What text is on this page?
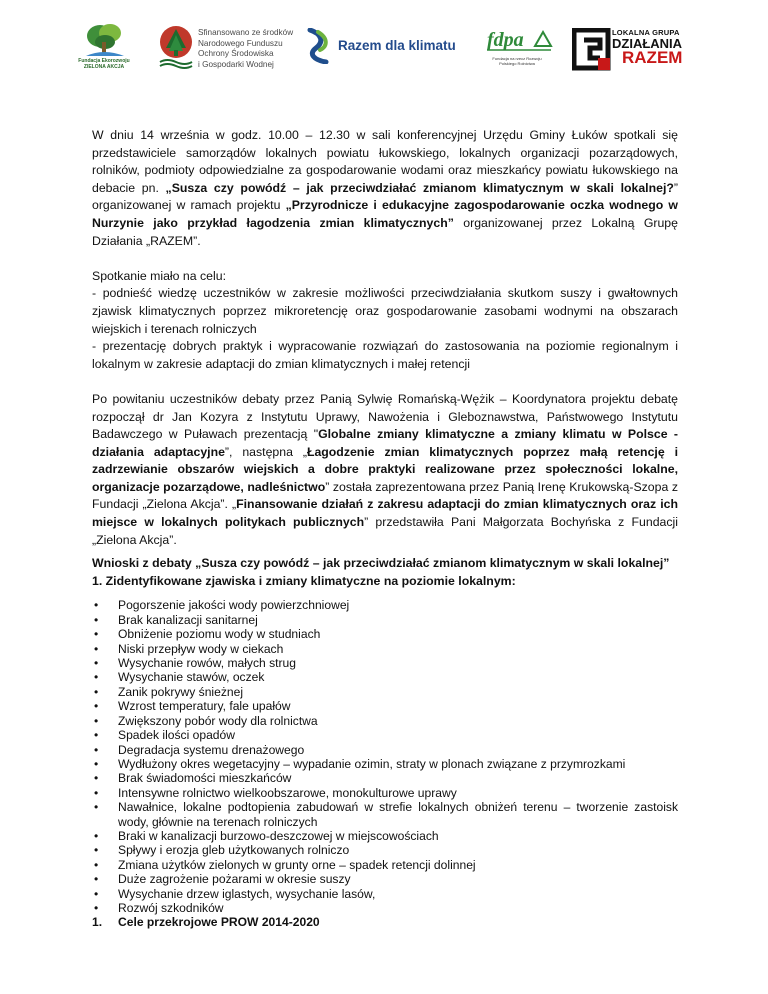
Fundacja Ekorozwoju ZIELONA AKCJA
Sfinansowano ze środków
Narodowego Funduszu
Ochrony Środowiska
i Gospodarki Wodnej
Razem dla klimatu fdpa
Fundacja na rzecz Rozwoju Polskiego Rolnictwa
LOKALNA GRUPA
DZIAŁANIA
RAZEM

W dniu 14 września w godz. 10.00 – 12.30 w sali konferencyjnej Urzędu Gminy Łuków spotkali się przedstawiciele samorządów lokalnych powiatu łukowskiego, lokalnych organizacji pozarządowych, rolników, podmioty odpowiedzialne za gospodarowanie wodami oraz mieszkańcy powiatu łukowskiego na debacie pn. „Susza czy powódź – jak przeciwdziałać zmianom klimatycznym w skali lokalnej?” organizowanej w ramach projektu „Przyrodnicze i edukacyjne zagospodarowanie oczka wodnego w Nurzynie jako przykład łagodzenia zmian klimatycznych” organizowanej przez Lokalną Grupę Działania „RAZEM”.

Spotkanie miało na celu:

- podnieść wiedzę uczestników w zakresie możliwości przeciwdziałania skutkom suszy i gwałtownych zjawisk klimatycznych poprzez mikroretencję oraz gospodarowanie zasobami wodnymi na obszarach wiejskich i terenach rolniczych

- prezentację dobrych praktyk i wypracowanie rozwiązań do zastosowania na poziomie regionalnym i lokalnym w zakresie adaptacji do zmian klimatycznych i małej retencji

Po powitaniu uczestników debaty przez Panią Sylwię Romańską-Wężik – Koordynatora projektu debatę rozpoczął dr Jan Kozyra z Instytutu Uprawy, Nawożenia i Gleboznawstwa, Państwowego Instytutu Badawczego w Puławach prezentacją "Globalne zmiany klimatyczne a zmiany klimatu w Polsce - działania adaptacyjne”, następna „Łagodzenie zmian klimatycznych poprzez małą retencję i zadrzewianie obszarów wiejskich a dobre praktyki realizowane przez społeczności lokalne, organizacje pozarządowe, nadleśnictwo” została zaprezentowana przez Panią Irenę Krukowską-Szopa z Fundacji „Zielona Akcja”. „Finansowanie działań z zakresu adaptacji do zmian klimatycznych oraz ich miejsce w lokalnych politykach publicznych” przedstawiła Pani Małgorzata Bochyńska z Fundacji „Zielona Akcja”.

Wnioski z debaty „Susza czy powódź – jak przeciwdziałać zmianom klimatycznym w skali lokalnej”

1. Zidentyfikowane zjawiska i zmiany klimatyczne na poziomie lokalnym:

• Pogorszenie jakości wody powierzchniowej
• Brak kanalizacji sanitarnej
• Obniżenie poziomu wody w studniach
• Niski przepływ wody w ciekach
• Wysychanie rowów, małych strug
• Wysychanie stawów, oczek
• Zanik pokrywy śnieżnej
• Wzrost temperatury, fale upałów
• Zwiększony pobór wody dla rolnictwa
• Spadek ilości opadów
• Degradacja systemu drenażowego
• Wydłużony okres wegetacyjny – wypadanie ozimin, straty w plonach związane z przymrozkami
• Brak świadomości mieszkańców
• Intensywne rolnictwo wielkoobszarowe, monokulturowe uprawy
• Nawałnice, lokalne podtopienia zabudowań w strefie lokalnych obniżeń terenu – tworzenie zastoisk wody, głównie na terenach rolniczych
• Braki w kanalizacji burzowo-deszczowej w miejscowościach
• Spływy i erozja gleb użytkowanych rolniczo
• Zmiana użytków zielonych w grunty orne – spadek retencji dolinnej
• Duże zagrożenie pożarami w okresie suszy
• Wysychanie drzew iglastych, wysychanie lasów,
• Rozwój szkodników
1. Cele przekrojowe PROW 2014-2020
